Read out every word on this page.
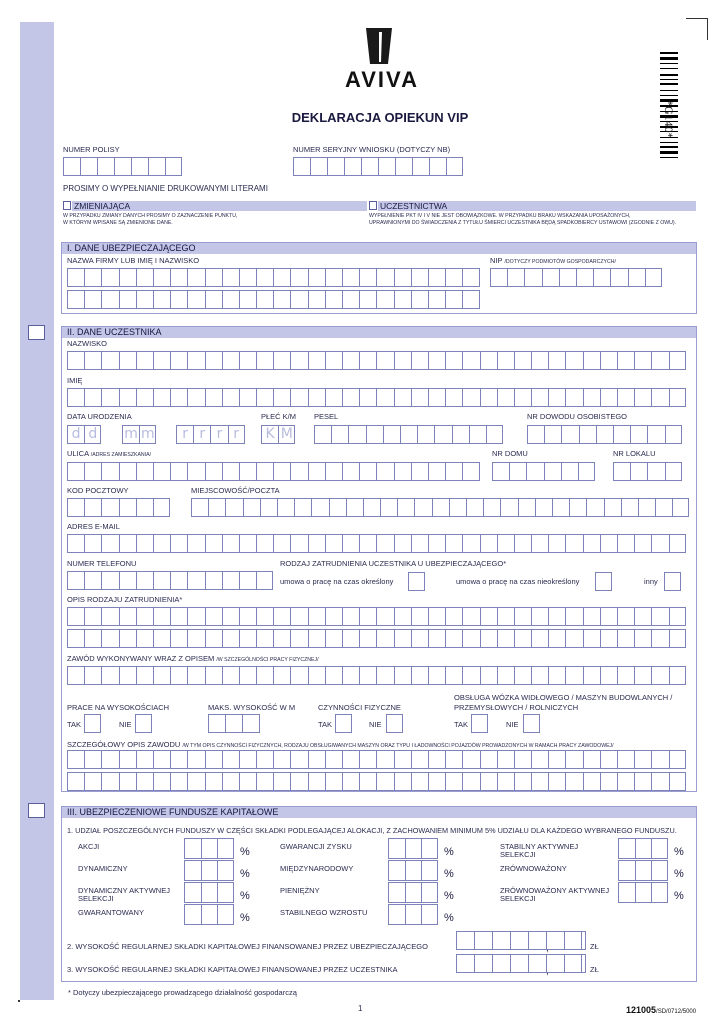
AVIVA
DEKLARACJA OPIEKUN VIP	*G140*
NUMER POLISY	NUMER SERYJNY WNIOSKU (DOTYCZY NB)
PROSIMY O WYPEŁNIANIE DRUKOWANYMI LITERAMI
ZMIENIAJĄCA
W PRZYPADKU ZMIANY DANYCH PROSIMY O ZAZNACZENIE PUNKTU,
W KTÓRYM WPISANE SĄ ZMIENIONE DANE.
UCZESTNICTWA
WYPEŁNIENIE PKT IV I V NIE JEST OBOWIĄZKOWE. W PRZYPADKU BRAKU WSKAZANIA UPOSAŻONYCH,
UPRAWNIONYMI DO ŚWIADCZENIA Z TYTUŁU ŚMIERCI UCZESTNIKA BĘDĄ SPADKOBIERCY USTAWOWI (ZGODNIE Z OWU).
I. DANE UBEZPIECZAJĄCEGO
NAZWA FIRMY LUB IMIĘ I NAZWISKO	NIP /DOTYCZY PODMIOTÓW GOSPODARCZYCH/
II. DANE UCZESTNIKA
NAZWISKO
IMIĘ
DATA URODZENIA	PŁEĆ K/M PESEL	NR DOWODU OSOBISTEGO
d d m m	r r r r	K M
ULICA /ADRES ZAMIESZKANIA/	NR DOMU	NR LOKALU
KOD POCZTOWY	MIEJSCOWOŚĆ/POCZTA
ADRES E-MAIL
NUMER TELEFONU	RODZAJ ZATRUDNIENIA UCZESTNIKA U UBEZPIECZAJĄCEGO*
umowa o pracę na czas określony	umowa o pracę na czas nieokreślony	inny
OPIS RODZAJU ZATRUDNIENIA*
ZAWÓD WYKONYWANY WRAZ Z OPISEM /W SZCZEGÓLNOŚCI PRACY FIZYCZNEJ/
PRACE NA WYSOKOŚCIACH	MAKS. WYSOKOŚĆ W M	CZYNNOŚCI FIZYCZNE
OBSŁUGA WÓZKA WIDŁOWEGO / MASZYN BUDOWLANYCH /
PRZEMYSŁOWYCH / ROLNICZYCH
TAK	NIE	TAK	NIE	TAK	NIE
SZCZEGÓŁOWY OPIS ZAWODU /W TYM OPIS CZYNNOŚCI FIZYCZNYCH, RODZAJU OBSŁUGIWANYCH MASZYN ORAZ TYPU I ŁADOWNOŚCI POJAZDÓW PROWADZONYCH W RAMACH PRACY ZAWODOWEJ/
III. UBEZPIECZENIOWE FUNDUSZE KAPITAŁOWE
1. UDZIAŁ POSZCZEGÓLNYCH FUNDUSZY W CZĘŚCI SKŁADKI PODLEGAJĄCEJ ALOKACJI, Z ZACHOWANIEM MINIMUM 5% UDZIAŁU DLA KAŻDEGO WYBRANEGO FUNDUSZU.
AKCJI	%
DYNAMICZNY	%
DYNAMICZNY AKTYWNEJ SELEKCJI	%
GWARANTOWANY	%
GWARANCJI ZYSKU	%
MIĘDZYNARODOWY	%
PIENIĘŻNY	%
STABILNEGO WZROSTU	%
STABILNY AKTYWNEJ SELEKCJI	%
ZRÓWNOWAŻONY	%
ZRÓWNOWAŻONY AKTYWNEJ SELEKCJI	%
2. WYSOKOŚĆ REGULARNEJ SKŁADKI KAPITAŁOWEJ FINANSOWANEJ PRZEZ UBEZPIECZAJĄCEGO	,	ZŁ
3. WYSOKOŚĆ REGULARNEJ SKŁADKI KAPITAŁOWEJ FINANSOWANEJ PRZEZ UCZESTNIKA	,	ZŁ
* Dotyczy ubezpieczającego prowadzącego działalność gospodarczą
1	121005/SD/0712/5000
